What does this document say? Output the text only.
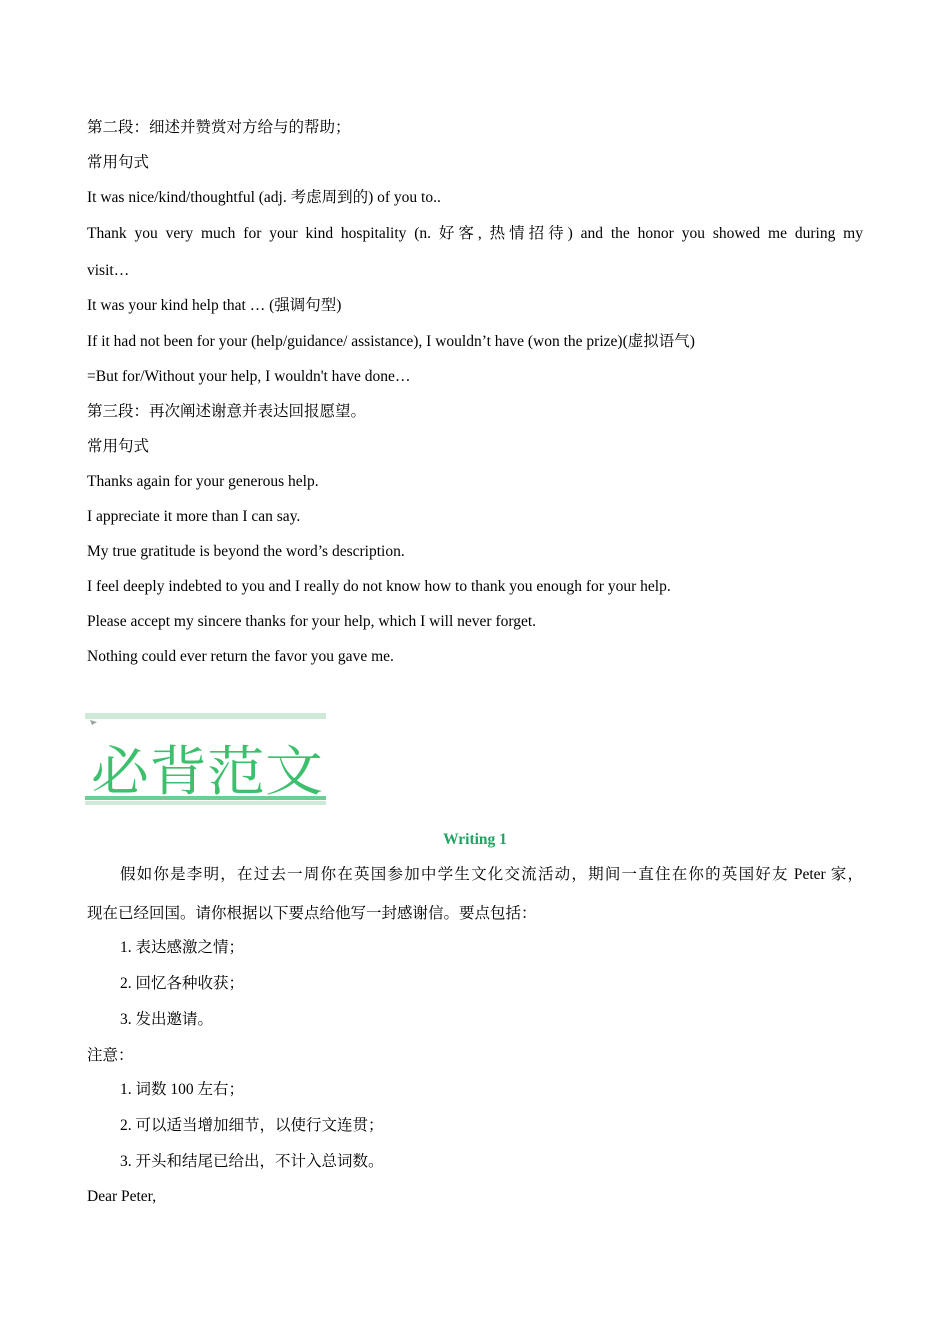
第二段：细述并赞赏对方给与的帮助；
常用句式
It was nice/kind/thoughtful (adj. 考虑周到的) of you to..
Thank you very much for your kind hospitality (n. 好客, 热情招待) and the honor you showed me during my
visit…
It was your kind help that … (强调句型)
If it had not been for your (help/guidance/ assistance), I wouldn’t have (won the prize)(虚拟语气)
=But for/Without your help, I wouldn't have done…
第三段：再次阐述谢意并表达回报愿望。
常用句式
Thanks again for your generous help.
I appreciate it more than I can say.
My true gratitude is beyond the word’s description.
I feel deeply indebted to you and I really do not know how to thank you enough for your help.
Please accept my sincere thanks for your help, which I will never forget.
Nothing could ever return the favor you gave me.
必背范文
Writing 1
假如你是李明，在过去一周你在英国参加中学生文化交流活动，期间一直住在你的英国好友 Peter 家，
现在已经回国。请你根据以下要点给他写一封感谢信。要点包括：
1. 表达感激之情；
2. 回忆各种收获；
3. 发出邀请。
注意：
1. 词数 100 左右；
2. 可以适当增加细节，以使行文连贯；
3. 开头和结尾已给出，不计入总词数。
Dear Peter,
